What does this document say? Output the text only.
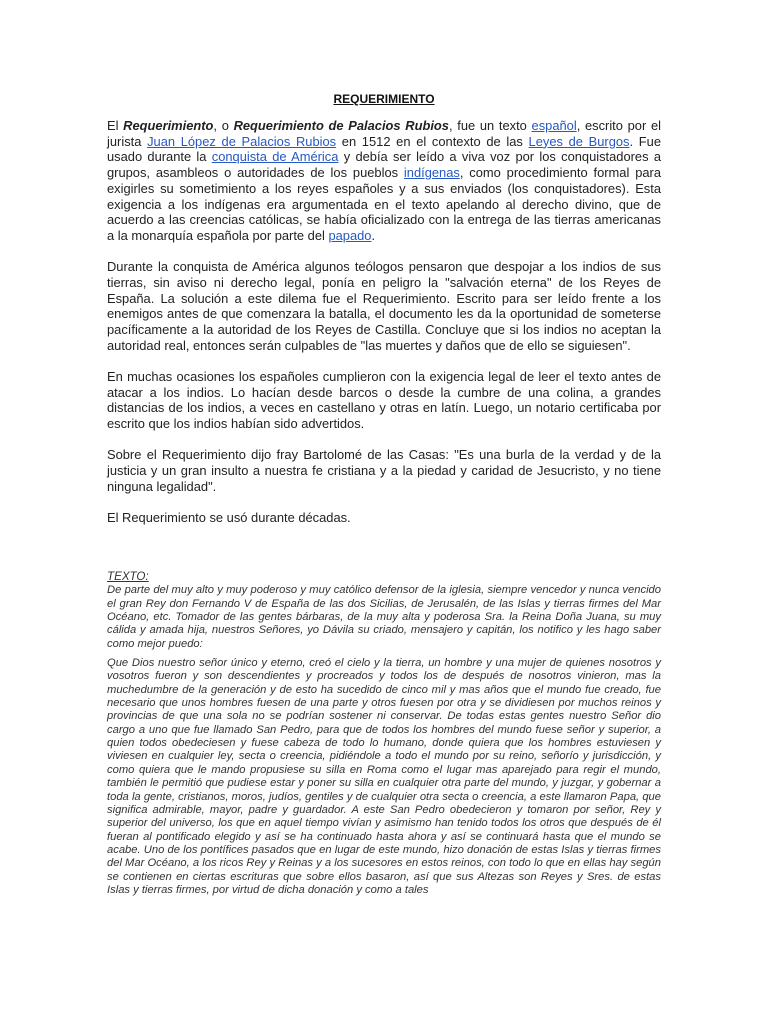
REQUERIMIENTO

El Requerimiento, o Requerimiento de Palacios Rubios, fue un texto español, escrito por el jurista Juan López de Palacios Rubios en 1512 en el contexto de las Leyes de Burgos. Fue usado durante la conquista de América y debía ser leído a viva voz por los conquistadores a grupos, asambleos o autoridades de los pueblos indígenas, como procedimiento formal para exigirles su sometimiento a los reyes españoles y a sus enviados (los conquistadores). Esta exigencia a los indígenas era argumentada en el texto apelando al derecho divino, que de acuerdo a las creencias católicas, se había oficializado con la entrega de las tierras americanas a la monarquía española por parte del papado.

Durante la conquista de América algunos teólogos pensaron que despojar a los indios de sus tierras, sin aviso ni derecho legal, ponía en peligro la "salvación eterna" de los Reyes de España. La solución a este dilema fue el Requerimiento. Escrito para ser leído frente a los enemigos antes de que comenzara la batalla, el documento les da la oportunidad de someterse pacíficamente a la autoridad de los Reyes de Castilla. Concluye que si los indios no aceptan la autoridad real, entonces serán culpables de "las muertes y daños que de ello se siguiesen".

En muchas ocasiones los españoles cumplieron con la exigencia legal de leer el texto antes de atacar a los indios. Lo hacían desde barcos o desde la cumbre de una colina, a grandes distancias de los indios, a veces en castellano y otras en latín. Luego, un notario certificaba por escrito que los indios habían sido advertidos.

Sobre el Requerimiento dijo fray Bartolomé de las Casas: "Es una burla de la verdad y de la justicia y un gran insulto a nuestra fe cristiana y a la piedad y caridad de Jesucristo, y no tiene ninguna legalidad".

El Requerimiento se usó durante décadas.

TEXTO:
De parte del muy alto y muy poderoso y muy católico defensor de la iglesia, siempre vencedor y nunca vencido el gran Rey don Fernando V de España de las dos Sicilias, de Jerusalén, de las Islas y tierras firmes del Mar Océano, etc. Tomador de las gentes bárbaras, de la muy alta y poderosa Sra. la Reina Doña Juana, su muy cálida y amada hija, nuestros Señores, yo Dávila su criado, mensajero y capitán, los notifico y les hago saber como mejor puedo:

Que Dios nuestro señor único y eterno, creó el cielo y la tierra, un hombre y una mujer de quienes nosotros y vosotros fueron y son descendientes y procreados y todos los de después de nosotros vinieron, mas la muchedumbre de la generación y de esto ha sucedido de cinco mil y mas años que el mundo fue creado, fue necesario que unos hombres fuesen de una parte y otros fuesen por otra y se dividiesen por muchos reinos y provincias de que una sola no se podrían sostener ni conservar. De todas estas gentes nuestro Señor dio cargo a uno que fue llamado San Pedro, para que de todos los hombres del mundo fuese señor y superior, a quien todos obedeciesen y fuese cabeza de todo lo humano, donde quiera que los hombres estuviesen y viviesen en cualquier ley, secta o creencia, pidiéndole a todo el mundo por su reino, señorío y jurisdicción, y como quiera que le mando propusiese su silla en Roma como el lugar mas aparejado para regir el mundo, también le permitió que pudiese estar y poner su silla en cualquier otra parte del mundo, y juzgar, y gobernar a toda la gente, cristianos, moros, judíos, gentiles y de cualquier otra secta o creencia, a este llamaron Papa, que significa admirable, mayor, padre y guardador. A este San Pedro obedecieron y tomaron por señor, Rey y superior del universo, los que en aquel tiempo vivían y asimismo han tenido todos los otros que después de él fueran al pontificado elegido y así se ha continuado hasta ahora y así se continuará hasta que el mundo se acabe. Uno de los pontífices pasados que en lugar de este mundo, hizo donación de estas Islas y tierras firmes del Mar Océano, a los ricos Rey y Reinas y a los sucesores en estos reinos, con todo lo que en ellas hay según se contienen en ciertas escrituras que sobre ellos basaron, así que sus Altezas son Reyes y Sres. de estas Islas y tierras firmes, por virtud de dicha donación y como a tales
